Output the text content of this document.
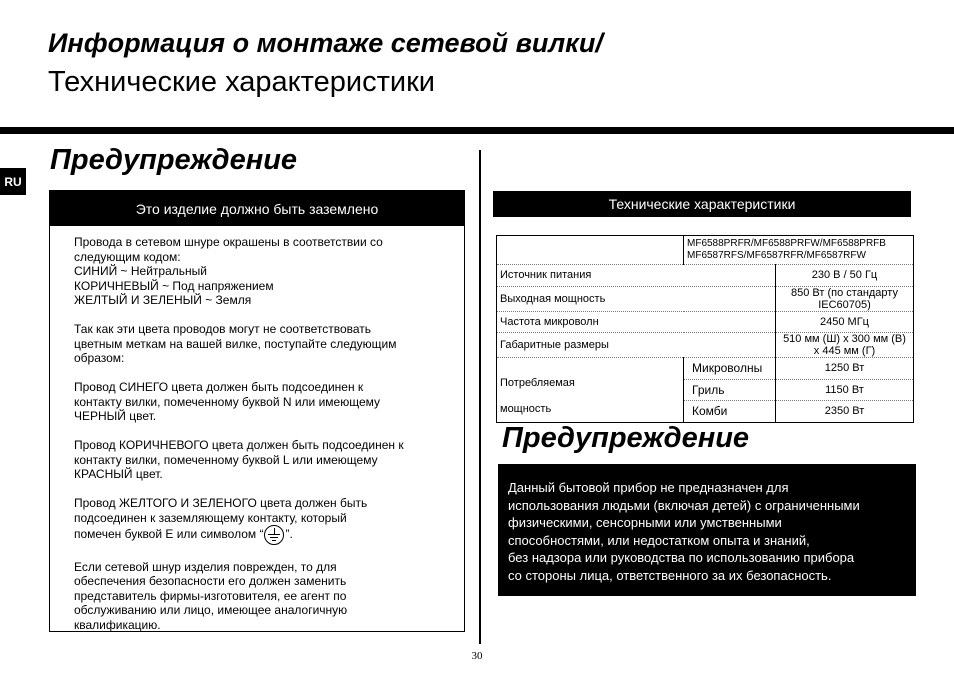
Информация о монтаже сетевой вилки/
Технические характеристики
RU
Предупреждение
Это изделие должно быть заземлено

Провода в сетевом шнуре окрашены в соответствии со
следующим кодом:
СИНИЙ ~ Нейтральный
КОРИЧНЕВЫЙ ~ Под напряжением
ЖЕЛТЫЙ И ЗЕЛЕНЫЙ ~ Земля

Так как эти цвета проводов могут не соответствовать
цветным меткам на вашей вилке, поступайте следующим
образом:

Провод СИНЕГО цвета должен быть подсоединен к
контакту вилки, помеченному буквой N или имеющему
ЧЕРНЫЙ цвет.

Провод КОРИЧНЕВОГО цвета должен быть подсоединен к
контакту вилки, помеченному буквой L или имеющему
КРАСНЫЙ цвет.

Провод ЖЕЛТОГО И ЗЕЛЕНОГО цвета должен быть
подсоединен к заземляющему контакту, который
помечен буквой E или символом “ ”.

Если сетевой шнур изделия поврежден, то для
обеспечения безопасности его должен заменить
представитель фирмы-изготовителя, ее агент по
обслуживанию или лицо, имеющее аналогичную
квалификацию.

Технические характеристики

	MF6588PRFR/MF6588PRFW/MF6588PRFB
MF6587RFS/MF6587RFR/MF6587RFW	

Источник питания		230 В / 50 Гц
Выходная мощность		850 Вт (по стандарту IEC60705)
Частота микроволн		2450 МГц
Габаритные размеры		510 мм (Ш) x 300 мм (В) x 445 мм (Г)

Потребляемая
мощность	Микроволны	1250 Вт
	Гриль	1150 Вт
	Комби	2350 Вт
Предупреждение
Данный бытовой прибор не предназначен для
использования людьми (включая детей) с ограниченными
физическими, сенсорными или умственными
способностями, или недостатком опыта и знаний,
без надзора или руководства по использованию прибора
со стороны лица, ответственного за их безопасность.
30
